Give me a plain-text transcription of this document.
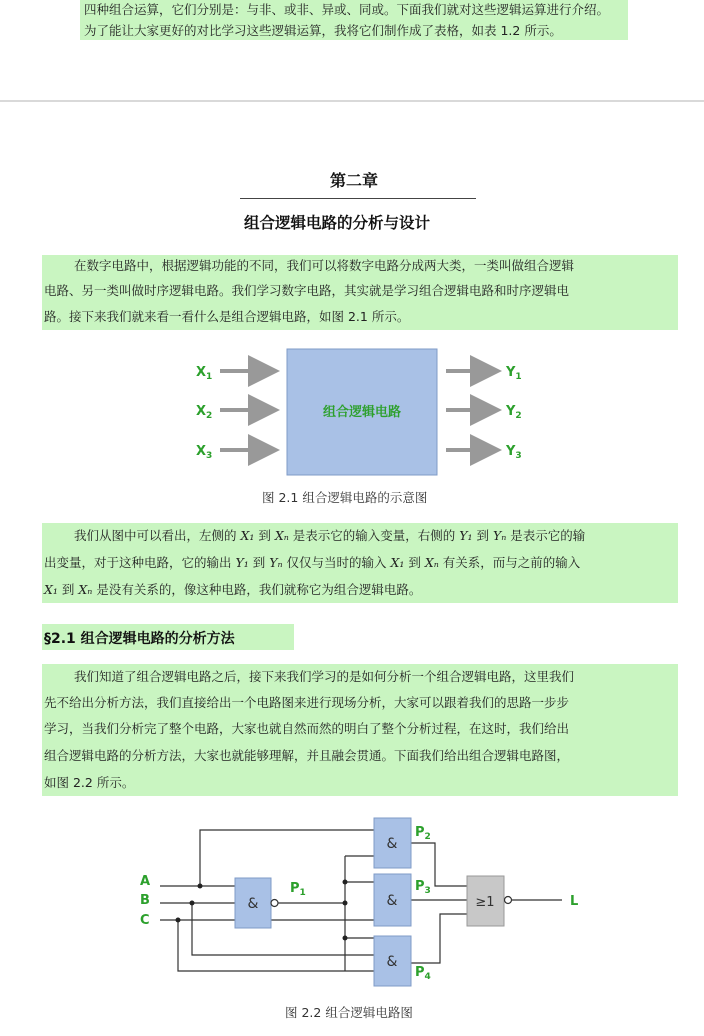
四种组合运算，它们分别是：与非、或非、异或、同或。下面我们就对这些逻辑运算进行介绍。
为了能让大家更好的对比学习这些逻辑运算，我将它们制作成了表格，如表 1.2 所示。
第二章
组合逻辑电路的分析与设计
在数字电路中，根据逻辑功能的不同，我们可以将数字电路分成两大类，一类叫做组合逻辑
电路、另一类叫做时序逻辑电路。我们学习数字电路，其实就是学习组合逻辑电路和时序逻辑电
路。接下来我们就来看一看什么是组合逻辑电路，如图 2.1 所示。
组合逻辑电路
$X_1$
$X_2$
$X_3$
$Y_1$
$Y_2$
$Y_3$
图 2.1 组合逻辑电路的示意图
我们从图中可以看出，左侧的 X₁ 到 Xₙ 是表示它的输入变量，右侧的 Y₁ 到 Yₙ 是表示它的输
出变量，对于这种电路，它的输出 Y₁ 到 Yₙ 仅仅与当时的输入 X₁ 到 Xₙ 有关系，而与之前的输入
X₁ 到 Xₙ 是没有关系的，像这种电路，我们就称它为组合逻辑电路。
§2.1 组合逻辑电路的分析方法
我们知道了组合逻辑电路之后，接下来我们学习的是如何分析一个组合逻辑电路，这里我们
先不给出分析方法，我们直接给出一个电路图来进行现场分析，大家可以跟着我们的思路一步步
学习，当我们分析完了整个电路，大家也就自然而然的明白了整个分析过程，在这时，我们给出
组合逻辑电路的分析方法，大家也就能够理解，并且融会贯通。下面我们给出组合逻辑电路图，
如图 2.2 所示。
&
&
&
&
≥1
A
B
C
$P_1$
$P_2$
$P_3$
$P_4$
L
图 2.2 组合逻辑电路图
